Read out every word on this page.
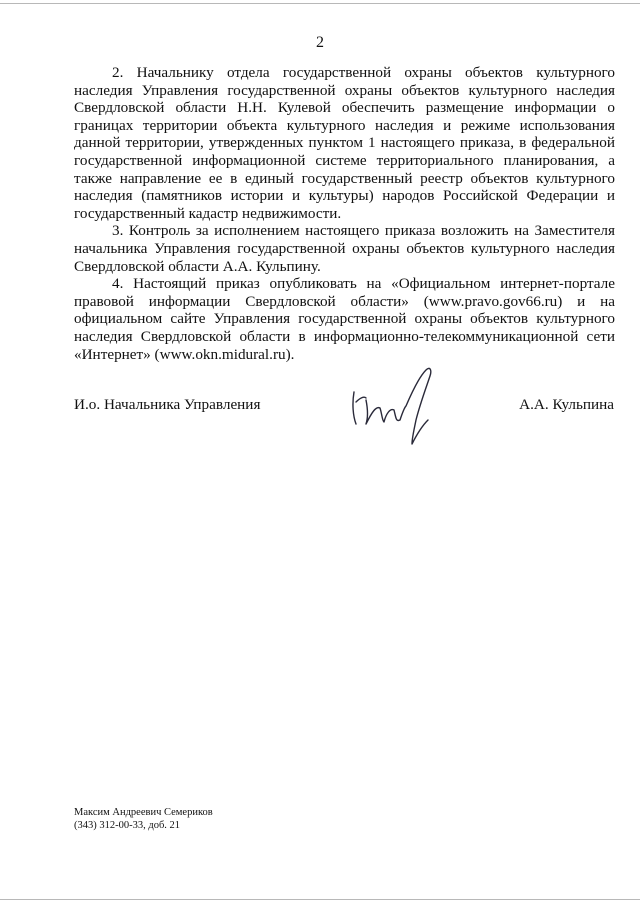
2

2. Начальнику отдела государственной охраны объектов культурного наследия Управления государственной охраны объектов культурного наследия Свердловской области Н.Н. Кулевой обеспечить размещение информации о границах территории объекта культурного наследия и режиме использования данной территории, утвержденных пунктом 1 настоящего приказа, в федеральной государственной информационной системе территориального планирования, а также направление ее в единый государственный реестр объектов культурного наследия (памятников истории и культуры) народов Российской Федерации и государственный кадастр недвижимости.

3. Контроль за исполнением настоящего приказа возложить на Заместителя начальника Управления государственной охраны объектов культурного наследия Свердловской области А.А. Кульпину.

4. Настоящий приказ опубликовать на «Официальном интернет-портале правовой информации Свердловской области» (www.pravo.gov66.ru) и на официальном сайте Управления государственной охраны объектов культурного наследия Свердловской области в информационно-телекоммуникационной сети «Интернет» (www.okn.midural.ru).

И.о. Начальника Управления	А.А. Кульпина
Максим Андреевич Семериков
(343) 312-00-33, доб. 21
